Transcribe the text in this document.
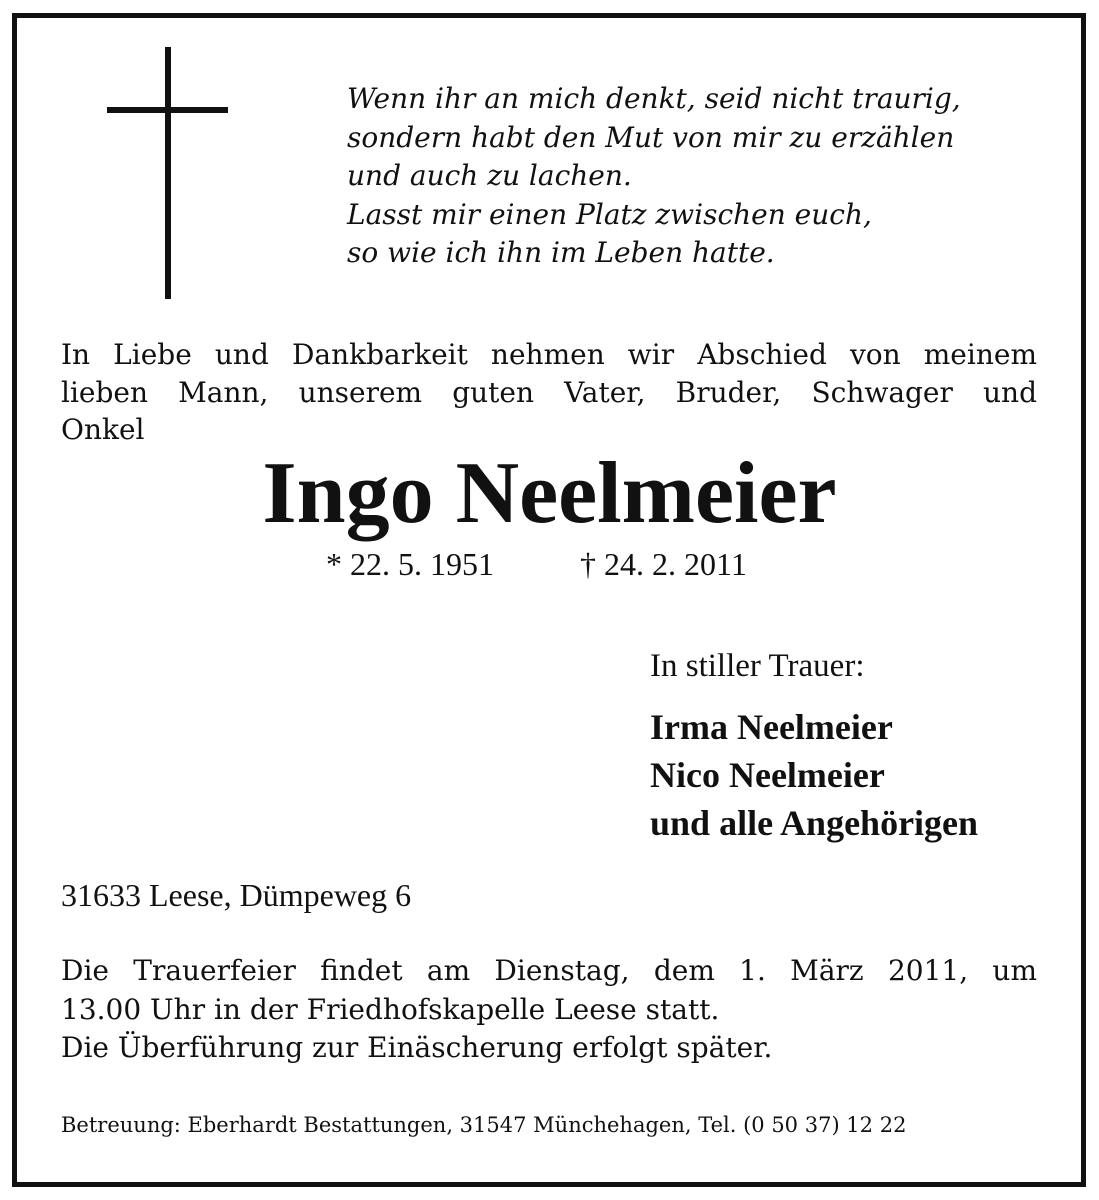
Wenn ihr an mich denkt, seid nicht traurig,
sondern habt den Mut von mir zu erzählen
und auch zu lachen.
Lasst mir einen Platz zwischen euch,
so wie ich ihn im Leben hatte.
In Liebe und Dankbarkeit nehmen wir Abschied von meinem
lieben Mann, unserem guten Vater, Bruder, Schwager und
Onkel
Ingo Neelmeier
* 22. 5. 1951	† 24. 2. 2011
In stiller Trauer:
Irma Neelmeier
Nico Neelmeier
und alle Angehörigen
31633 Leese, Dümpeweg 6
Die Trauerfeier findet am Dienstag, dem 1. März 2011, um
13.00 Uhr in der Friedhofskapelle Leese statt.
Die Überführung zur Einäscherung erfolgt später.
Betreuung: Eberhardt Bestattungen, 31547 Münchehagen, Tel. (0 50 37) 12 22
